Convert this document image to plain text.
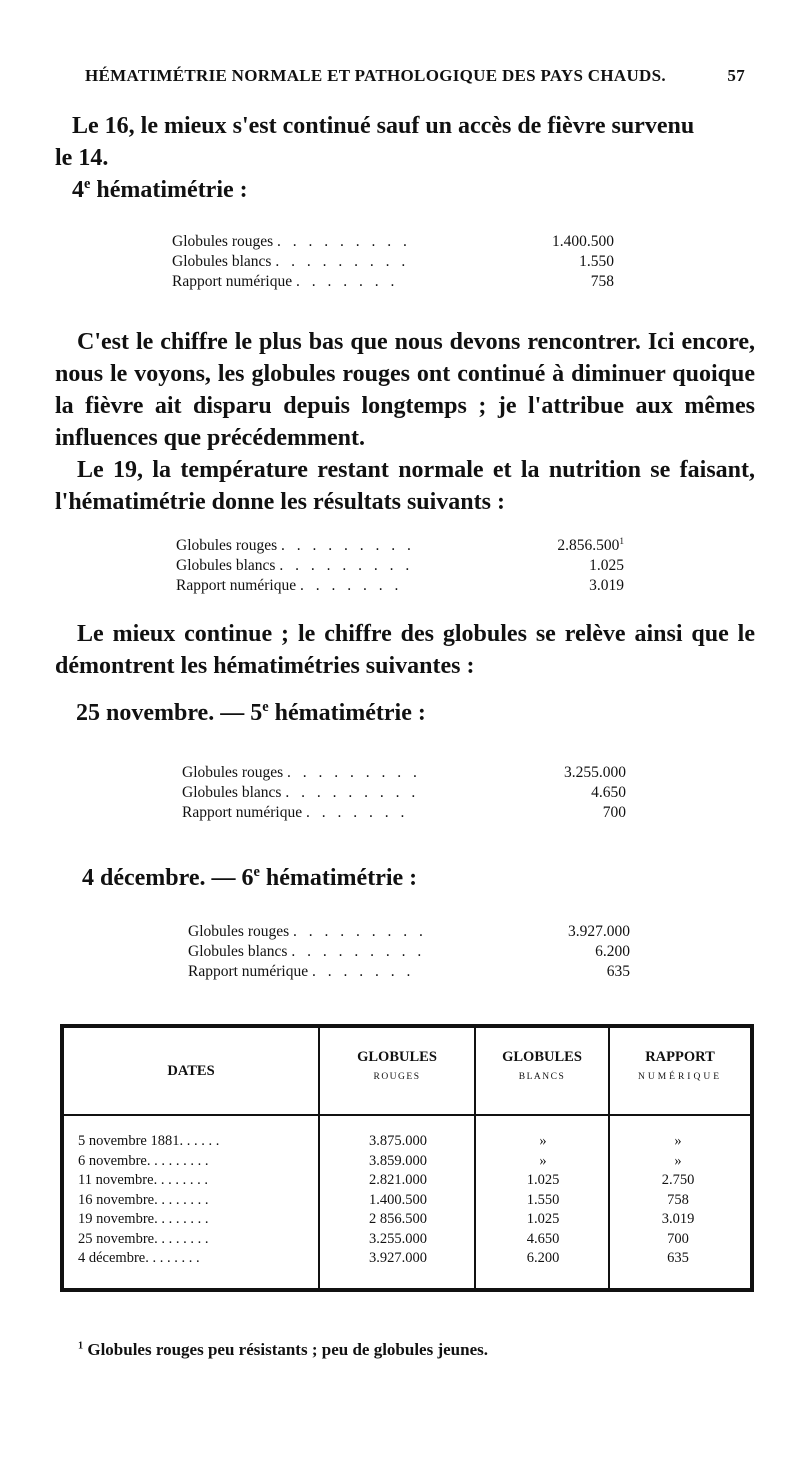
HÉMATIMÉTRIE NORMALE ET PATHOLOGIQUE DES PAYS CHAUDS.	57
Le 16, le mieux s'est continué sauf un accès de fièvre survenu
le 14.
4e hématimétrie :
Globules rouges . . . . . . . . .	1.400.500
Globules blancs . . . . . . . . .	1.550
Rapport numérique . . . . . . .	758
C'est le chiffre le plus bas que nous devons rencontrer. Ici encore, nous le voyons, les globules rouges ont continué à diminuer quoique la fièvre ait disparu depuis longtemps ; je l'attribue aux mêmes influences que précédemment.
Le 19, la température restant normale et la nutrition se faisant, l'hématimétrie donne les résultats suivants :
Globules rouges . . . . . . . . .	2.856.500$^1$
Globules blancs . . . . . . . . .	1.025
Rapport numérique . . . . . . .	3.019
Le mieux continue ; le chiffre des globules se relève ainsi que le démontrent les hématimétries suivantes :
25 novembre. — 5e hématimétrie :
Globules rouges . . . . . . . . .	3.255.000
Globules blancs . . . . . . . . .	4.650
Rapport numérique . . . . . . .	700
4 décembre. — 6e hématimétrie :
Globules rouges . . . . . . . . .	3.927.000
Globules blancs . . . . . . . . .	6.200
Rapport numérique . . . . . . .	635
DATES
GLOBULES
ROUGES
GLOBULES
BLANCS
RAPPORT
NUMÉRIQUE
5 novembre 1881. . . . . .	3.875.000	»	»
6 novembre. . . . . . . . .	3.859.000	»	»
11 novembre. . . . . . . .	2.821.000	1.025	2.750
16 novembre. . . . . . . .	1.400.500	1.550	758
19 novembre. . . . . . . .	2 856.500	1.025	3.019
25 novembre. . . . . . . .	3.255.000	4.650	700
4 décembre. . . . . . . .	3.927.000	6.200	635
$^1$ Globules rouges peu résistants ; peu de globules jeunes.
